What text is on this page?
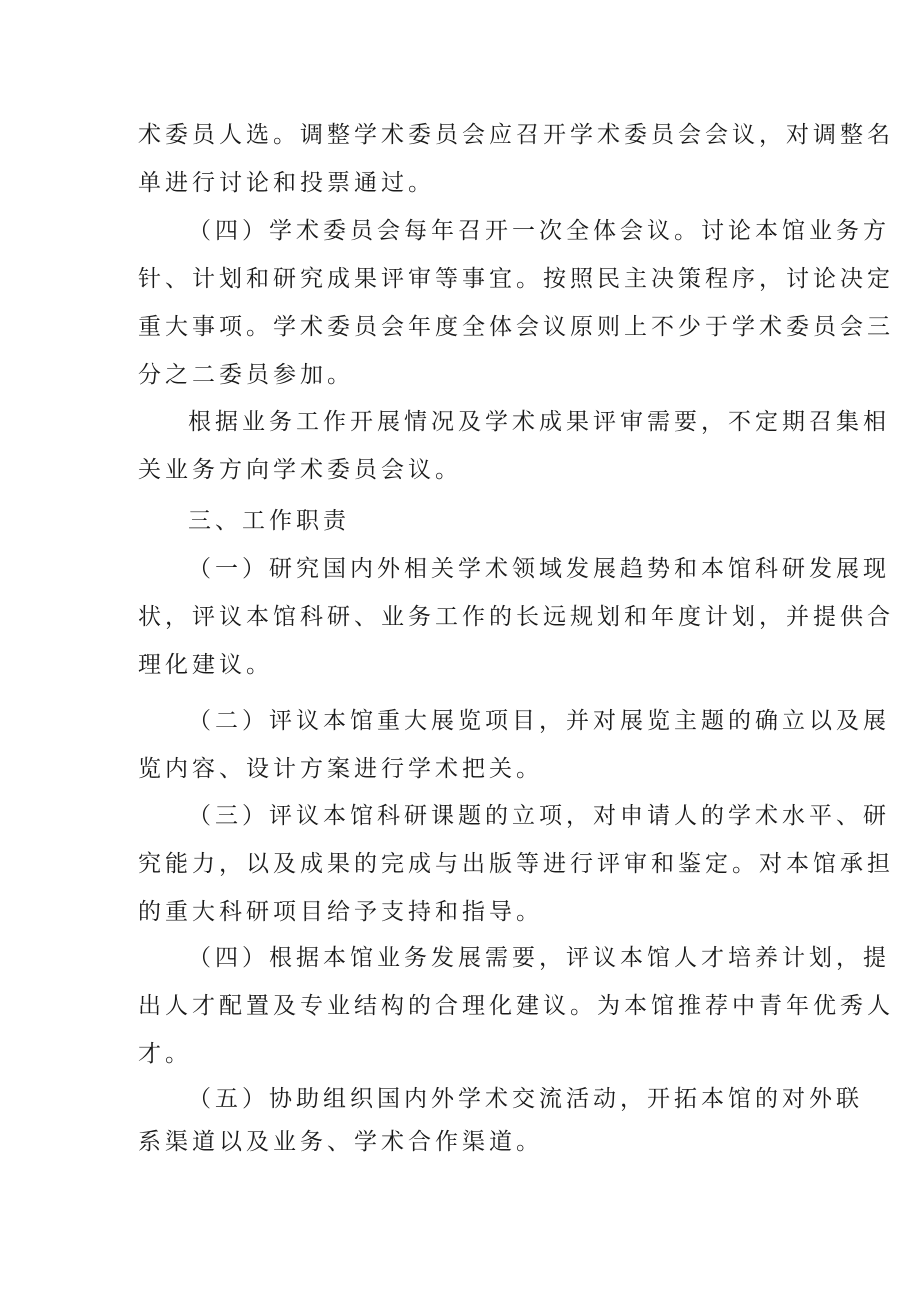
术委员人选。调整学术委员会应召开学术委员会会议，对调整名
单进行讨论和投票通过。

（四）学术委员会每年召开一次全体会议。讨论本馆业务方
针、计划和研究成果评审等事宜。按照民主决策程序，讨论决定
重大事项。学术委员会年度全体会议原则上不少于学术委员会三
分之二委员参加。

根据业务工作开展情况及学术成果评审需要，不定期召集相
关业务方向学术委员会议。

三、工作职责

（一）研究国内外相关学术领域发展趋势和本馆科研发展现
状，评议本馆科研、业务工作的长远规划和年度计划，并提供合
理化建议。

（二）评议本馆重大展览项目，并对展览主题的确立以及展
览内容、设计方案进行学术把关。

（三）评议本馆科研课题的立项，对申请人的学术水平、研
究能力，以及成果的完成与出版等进行评审和鉴定。对本馆承担
的重大科研项目给予支持和指导。

（四）根据本馆业务发展需要，评议本馆人才培养计划，提
出人才配置及专业结构的合理化建议。为本馆推荐中青年优秀人
才。

（五）协助组织国内外学术交流活动，开拓本馆的对外联
系渠道以及业务、学术合作渠道。
